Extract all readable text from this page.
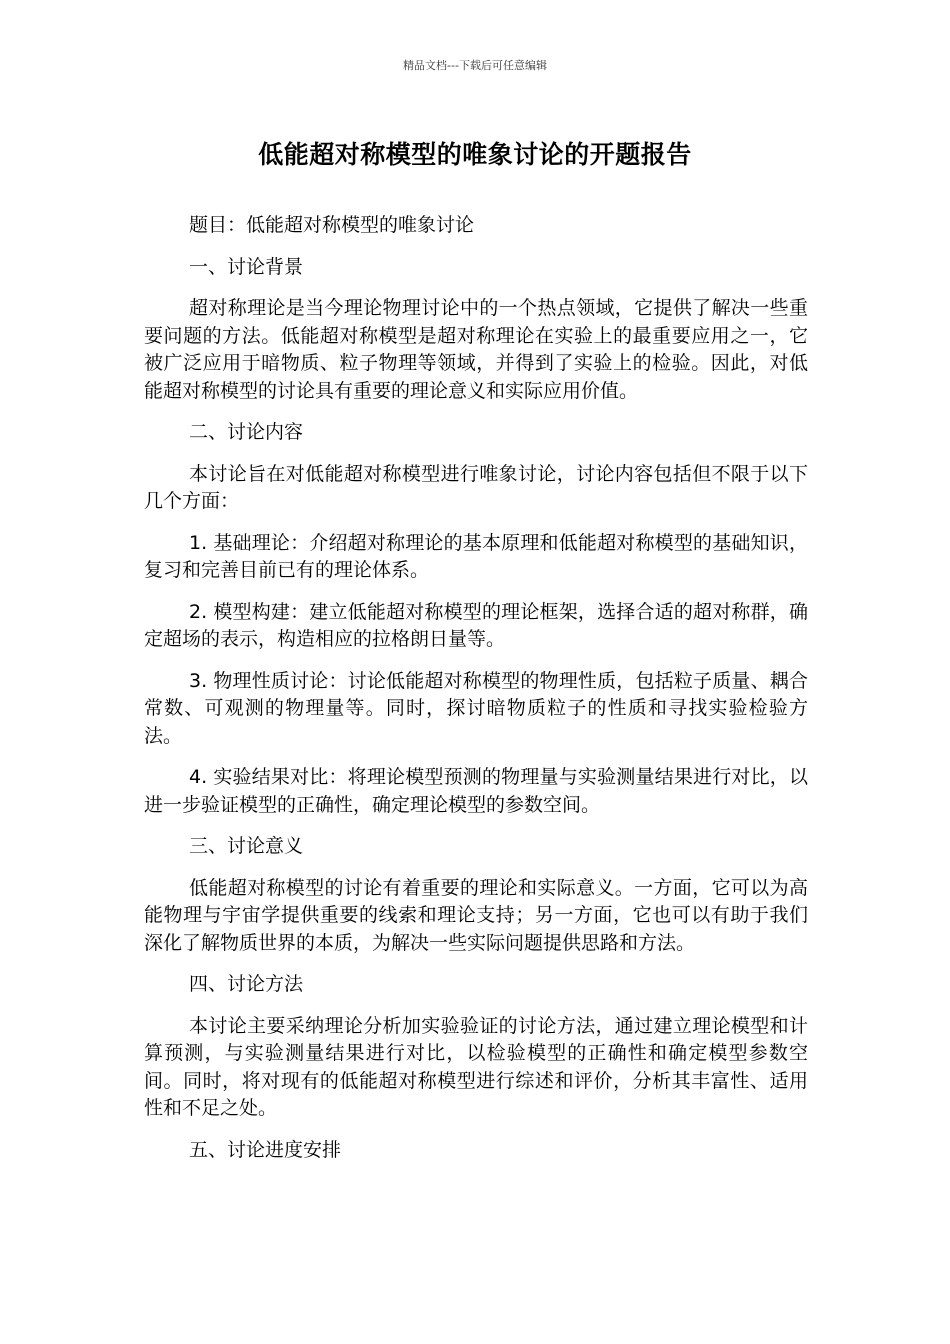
精品文档---下载后可任意编辑
低能超对称模型的唯象讨论的开题报告

题目：低能超对称模型的唯象讨论

一、讨论背景

超对称理论是当今理论物理讨论中的一个热点领域，它提供了解决一些重要问题的方法。低能超对称模型是超对称理论在实验上的最重要应用之一，它被广泛应用于暗物质、粒子物理等领域，并得到了实验上的检验。因此，对低能超对称模型的讨论具有重要的理论意义和实际应用价值。

二、讨论内容

本讨论旨在对低能超对称模型进行唯象讨论，讨论内容包括但不限于以下几个方面：

1. 基础理论：介绍超对称理论的基本原理和低能超对称模型的基础知识，复习和完善目前已有的理论体系。

2. 模型构建：建立低能超对称模型的理论框架，选择合适的超对称群，确定超场的表示，构造相应的拉格朗日量等。

3. 物理性质讨论：讨论低能超对称模型的物理性质，包括粒子质量、耦合常数、可观测的物理量等。同时，探讨暗物质粒子的性质和寻找实验检验方法。

4. 实验结果对比：将理论模型预测的物理量与实验测量结果进行对比，以进一步验证模型的正确性，确定理论模型的参数空间。

三、讨论意义

低能超对称模型的讨论有着重要的理论和实际意义。一方面，它可以为高能物理与宇宙学提供重要的线索和理论支持；另一方面，它也可以有助于我们深化了解物质世界的本质，为解决一些实际问题提供思路和方法。

四、讨论方法

本讨论主要采纳理论分析加实验验证的讨论方法，通过建立理论模型和计算预测，与实验测量结果进行对比，以检验模型的正确性和确定模型参数空间。同时，将对现有的低能超对称模型进行综述和评价，分析其丰富性、适用性和不足之处。

五、讨论进度安排
